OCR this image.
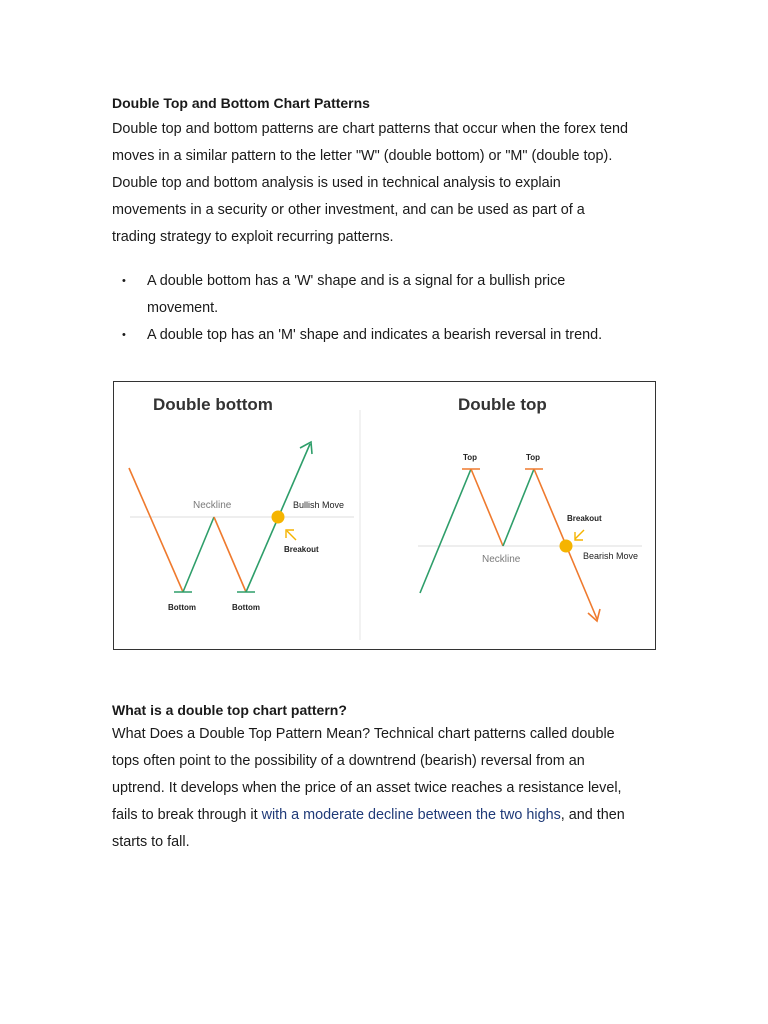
Double Top and Bottom Chart Patterns

Double top and bottom patterns are chart patterns that occur when the forex tend

moves in a similar pattern to the letter "W" (double bottom) or "M" (double top).

Double top and bottom analysis is used in technical analysis to explain

movements in a security or other investment, and can be used as part of a

trading strategy to exploit recurring patterns.

• A double bottom has a 'W' shape and is a signal for a bullish price
movement.
• A double top has an 'M' shape and indicates a bearish reversal in trend.
Double bottom
Neckline
Bottom	Bottom
Bullish Move
Breakout
Double top
Neckline
Top	Top
Breakout
Bearish Move
What is a double top chart pattern?

What Does a Double Top Pattern Mean? Technical chart patterns called double

tops often point to the possibility of a downtrend (bearish) reversal from an

uptrend. It develops when the price of an asset twice reaches a resistance level,

fails to break through it with a moderate decline between the two highs, and then

starts to fall.
